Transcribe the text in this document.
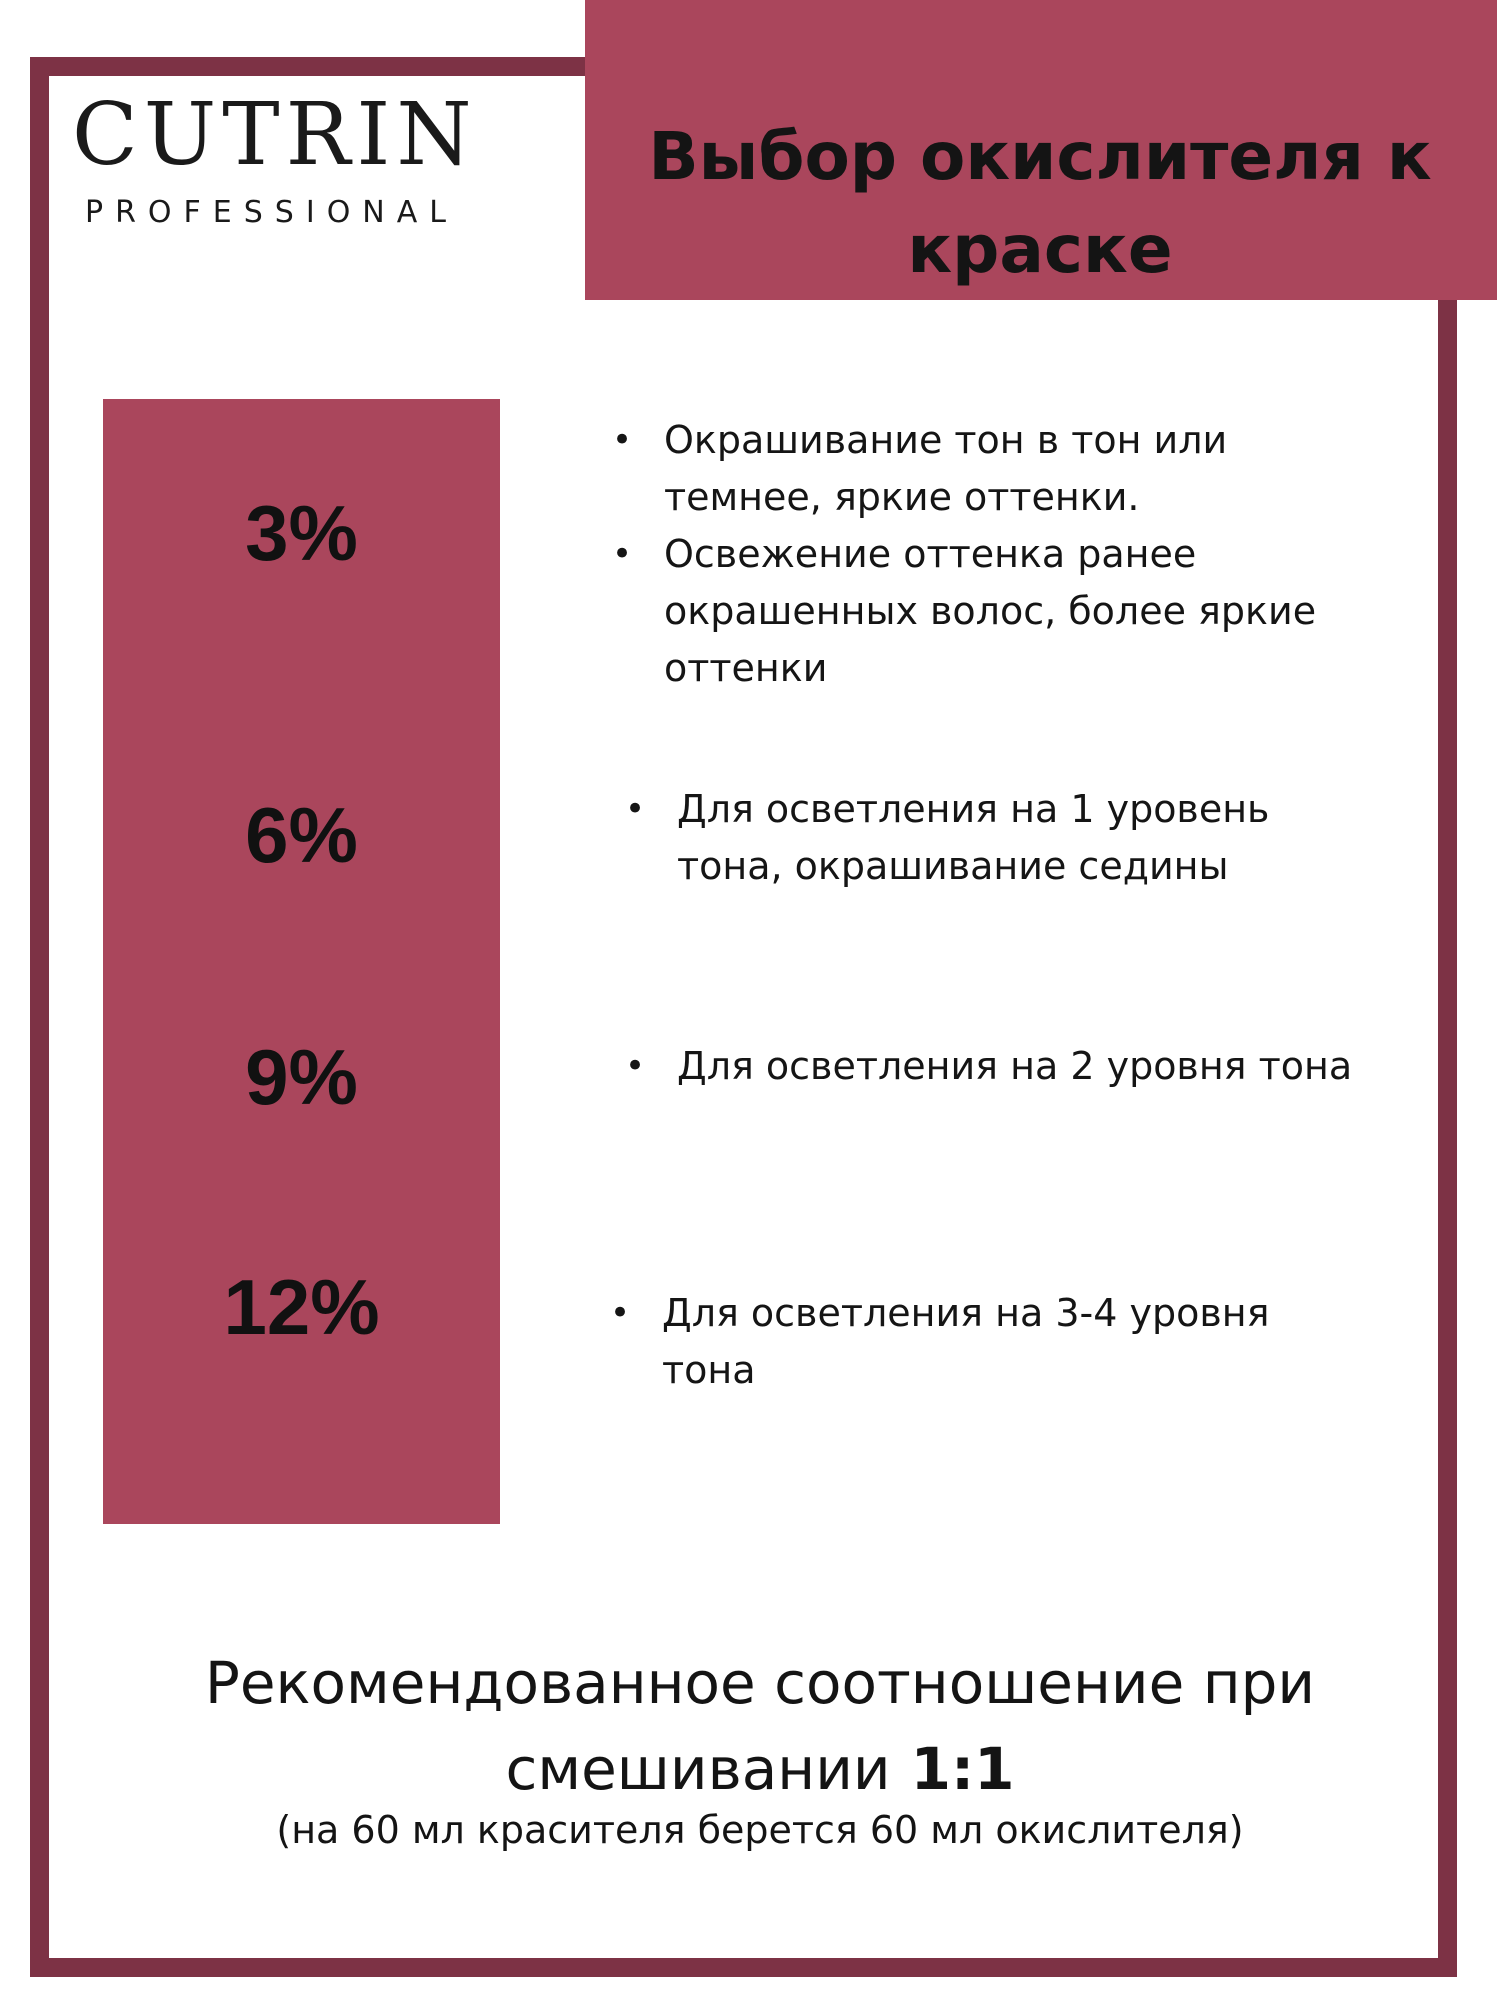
CUTRIN
PROFESSIONAL
Выбор окислителя к
краске
3%
6%
9%
12%
• Окрашивание тон в тон или темнее, яркие оттенки.
• Освежение оттенка ранее окрашенных волос, более яркие оттенки
• Для осветления на 1 уровень тона, окрашивание седины
• Для осветления на 2 уровня тона
• Для осветления на 3-4 уровня тона
Рекомендованное соотношение при
смешивании 1:1
(на 60 мл красителя берется 60 мл окислителя)
